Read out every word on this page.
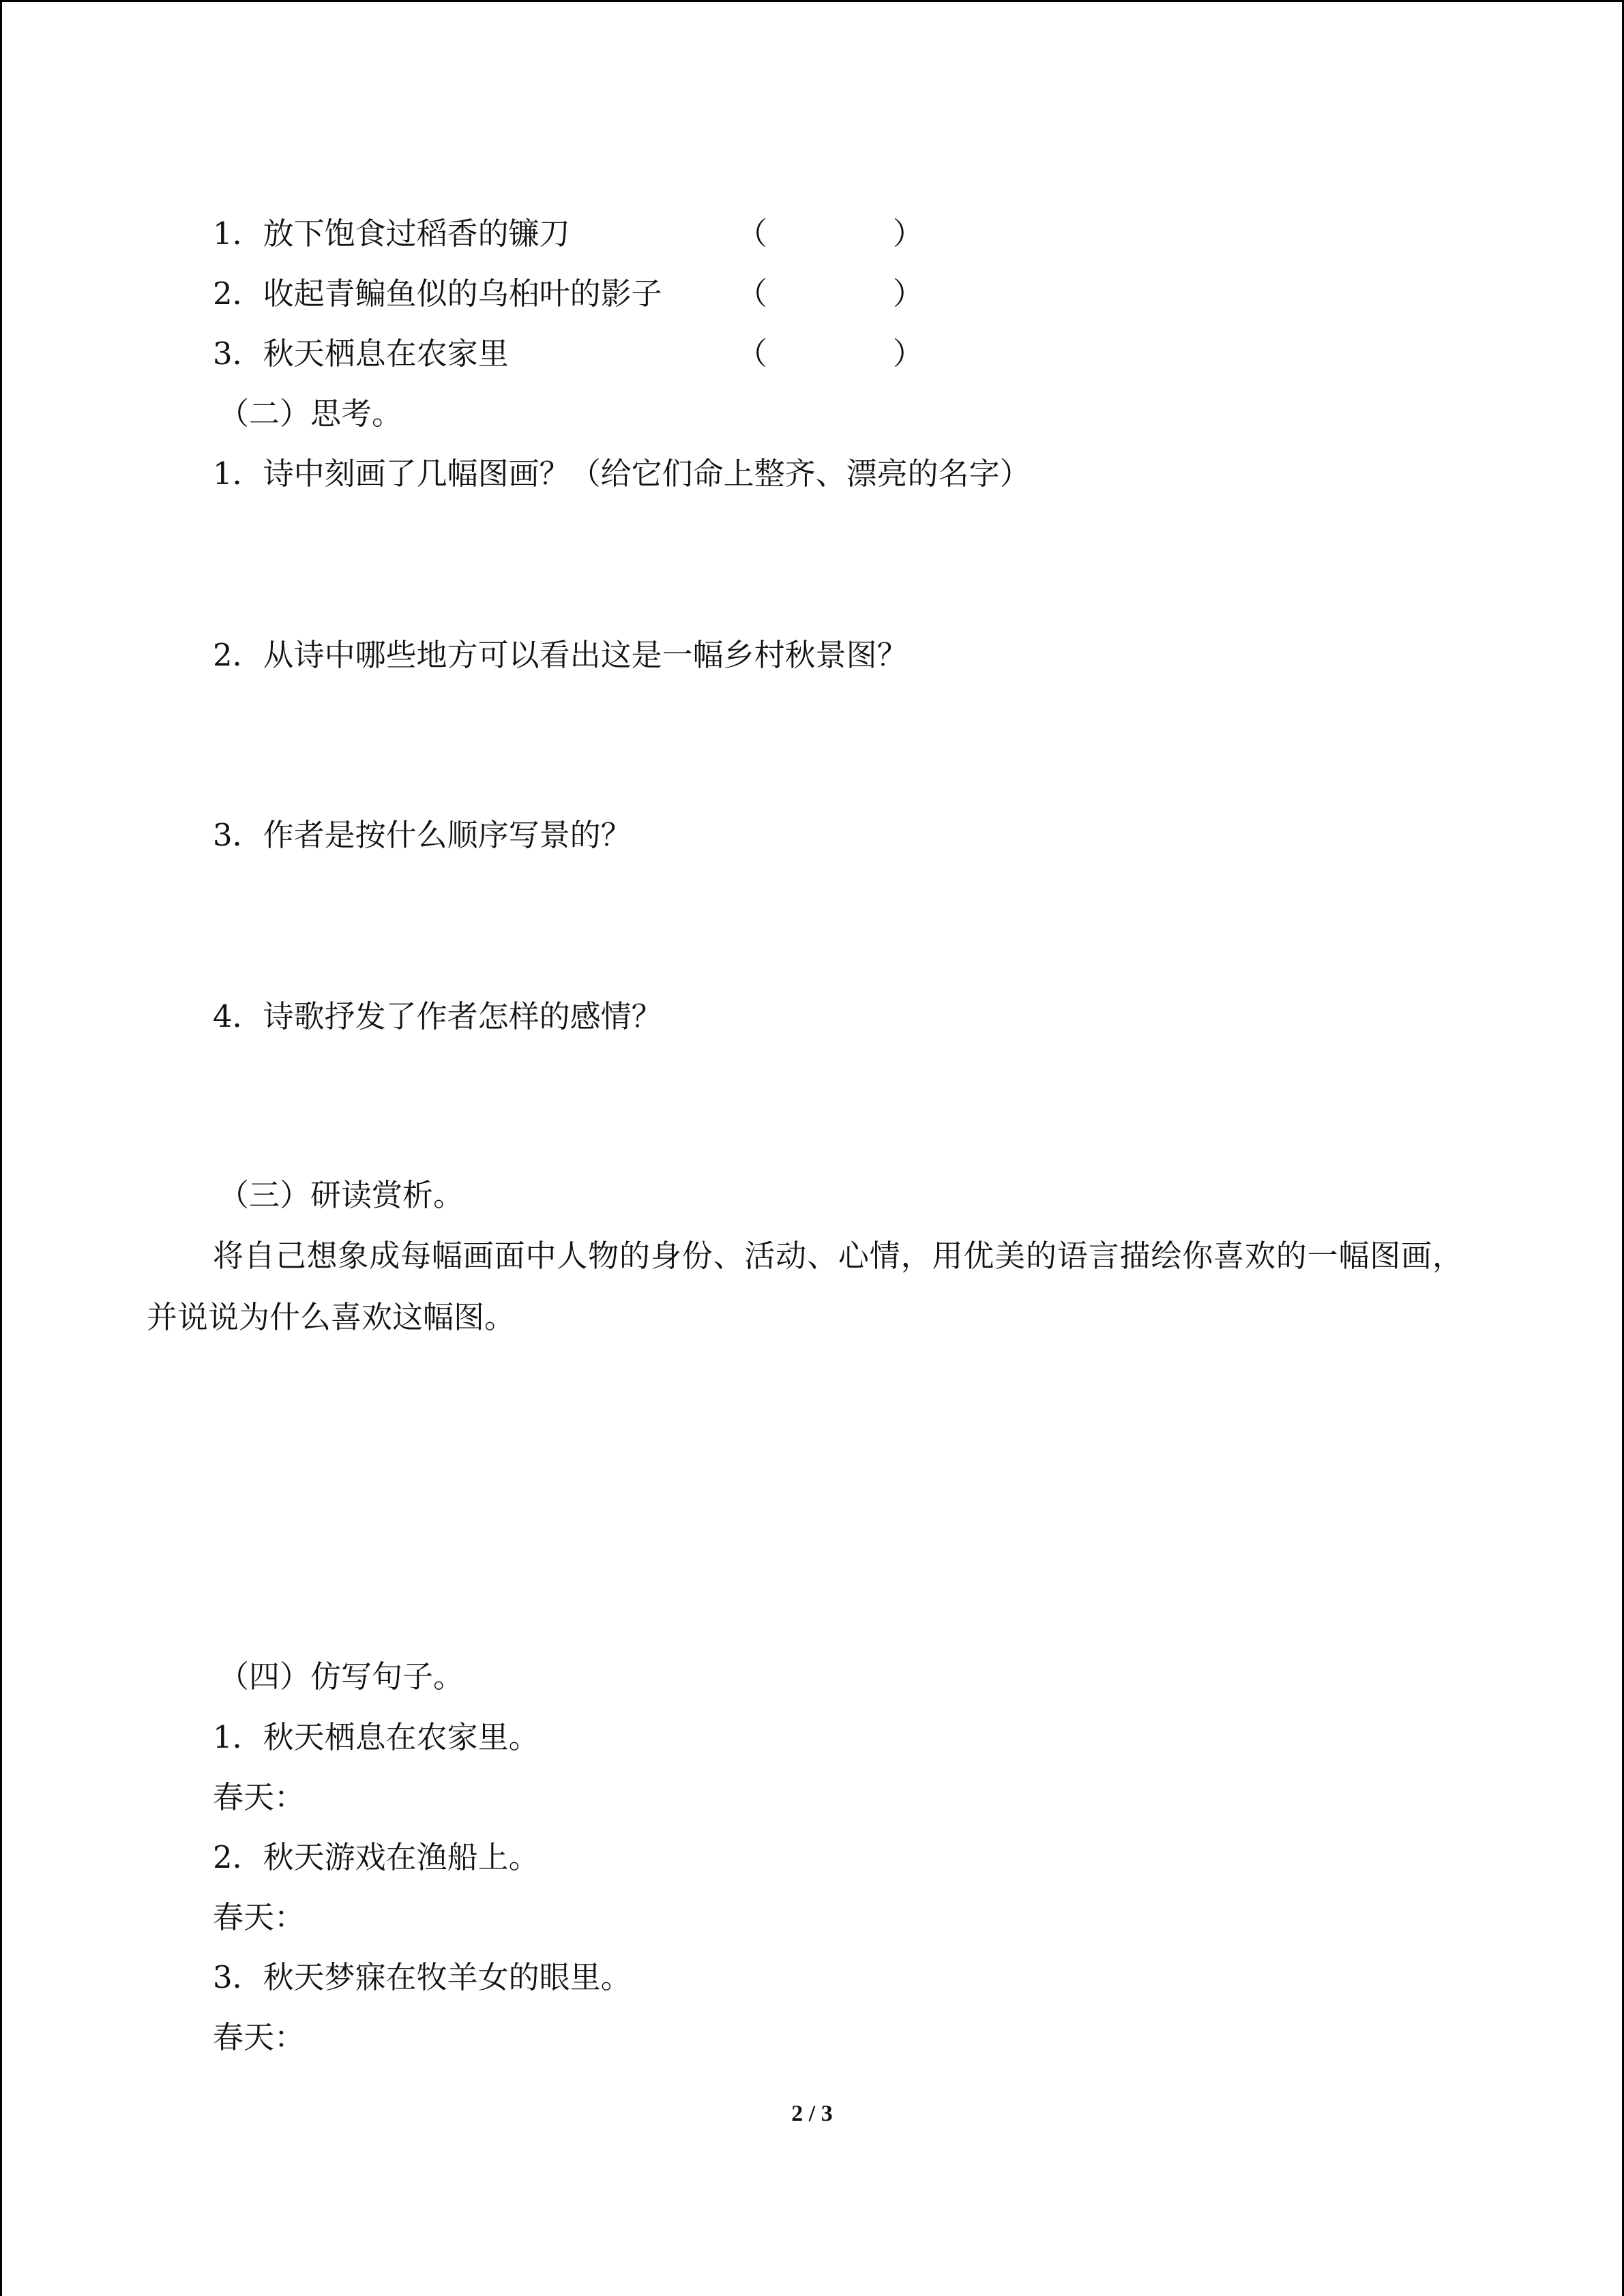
1．放下饱食过稻香的镰刀	（	）
2．收起青鳊鱼似的乌桕叶的影子 （	）
3．秋天栖息在农家里	（	）
（二）思考。
1．诗中刻画了几幅图画？（给它们命上整齐、漂亮的名字）
2．从诗中哪些地方可以看出这是一幅乡村秋景图？
3．作者是按什么顺序写景的？
4．诗歌抒发了作者怎样的感情？
（三）研读赏析。
将自己想象成每幅画面中人物的身份、活动、心情，用优美的语言描绘你喜欢的一幅图画，并说说为什么喜欢这幅图。
（四）仿写句子。
1．秋天栖息在农家里。
春天：
2．秋天游戏在渔船上。
春天：
3．秋天梦寐在牧羊女的眼里。
春天：
2 / 3
